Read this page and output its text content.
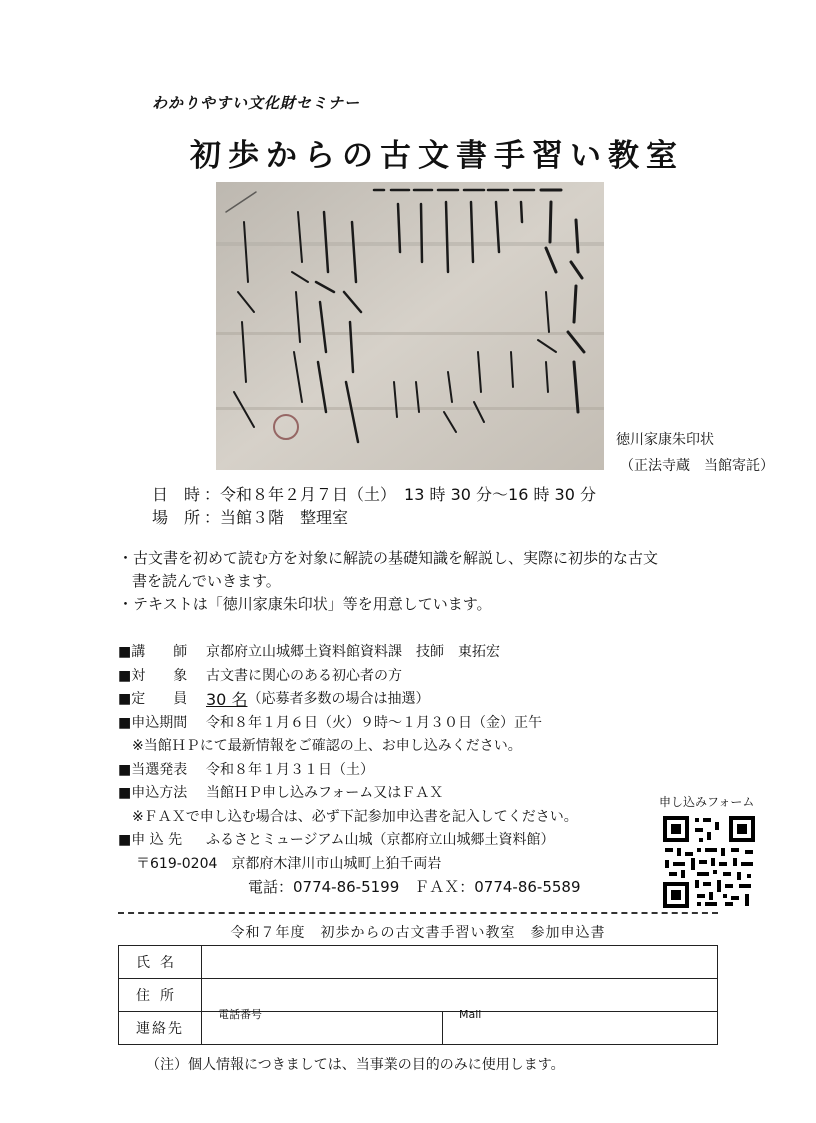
わかりやすい文化財セミナー
初歩からの古文書手習い教室
徳川家康朱印状
（正法寺蔵　当館寄託）
日　時 ： 令和８年２月７日（土）　13 時 30 分〜16 時 30 分
場　所 ： 当館３階　整理室
・古文書を初めて読む方を対象に解読の基礎知識を解説し、実際に初歩的な古文
書を読んでいきます。
・テキストは「徳川家康朱印状」等を用意しています。
■講　　師	京都府立山城郷土資料館資料課　技師　東拓宏
■対　　象	古文書に関心のある初心者の方
■定　　員	30 名 （応募者多数の場合は抽選）
■申込期間	令和８年１月６日（火）９時〜１月３０日（金）正午
※当館ＨＰにて最新情報をご確認の上、お申し込みください。
■当選発表	令和８年１月３１日（土）
■申込方法	当館ＨＰ申し込みフォーム又はＦＡＸ
※ＦＡＸで申し込む場合は、必ず下記参加申込書を記入してください。
■申 込 先	ふるさとミュージアム山城（京都府立山城郷土資料館）
〒619-0204　京都府木津川市山城町上狛千両岩
電話：0774-86-5199　ＦＡＸ：0774-86-5589
申し込みフォーム
令和７年度　初歩からの古文書手習い教室　参加申込書
氏名	
住所	
連絡先	$^{電話番号}$ $^{Mail}$
（注）個人情報につきましては、当事業の目的のみに使用します。
